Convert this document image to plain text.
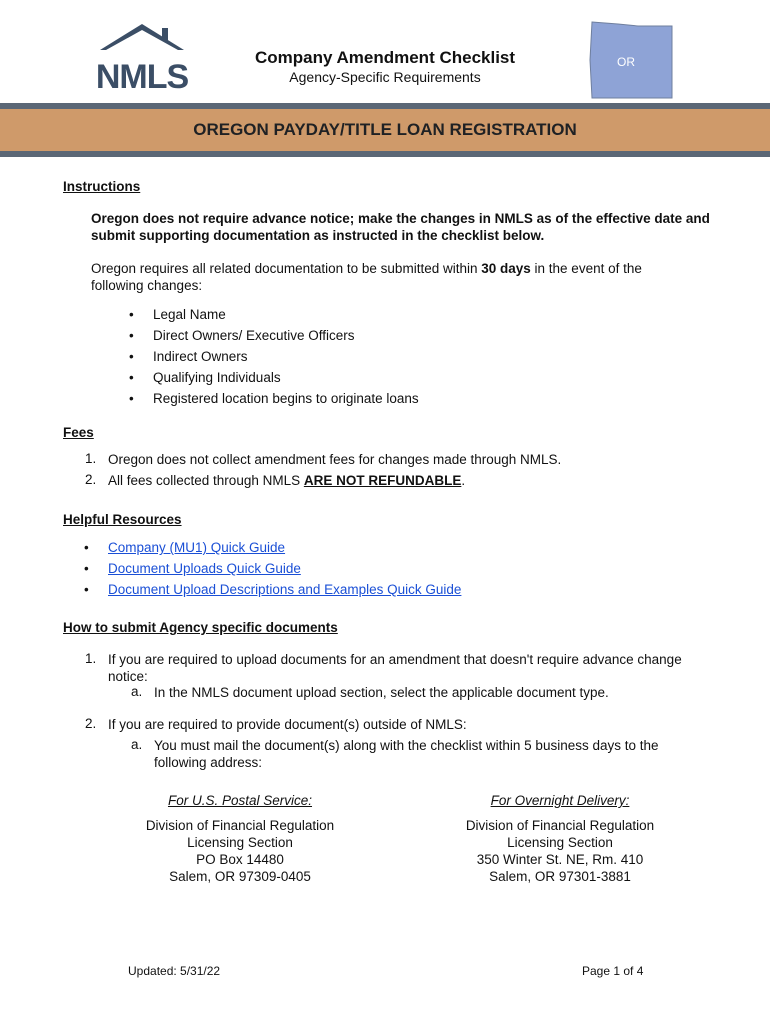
NMLS
Company Amendment Checklist
Agency-Specific Requirements
OR
OREGON PAYDAY/TITLE LOAN REGISTRATION
Instructions
Oregon does not require advance notice; make the changes in NMLS as of the effective date and submit supporting documentation as instructed in the checklist below.
Oregon requires all related documentation to be submitted within 30 days in the event of the following changes:
• Legal Name
• Direct Owners/ Executive Officers
• Indirect Owners
• Qualifying Individuals
• Registered location begins to originate loans
Fees
1. Oregon does not collect amendment fees for changes made through NMLS.
2. All fees collected through NMLS ARE NOT REFUNDABLE.
Helpful Resources
• Company (MU1) Quick Guide
• Document Uploads Quick Guide
• Document Upload Descriptions and Examples Quick Guide
How to submit Agency specific documents
1. If you are required to upload documents for an amendment that doesn't require advance change notice:
a. In the NMLS document upload section, select the applicable document type.
2. If you are required to provide document(s) outside of NMLS:
a. You must mail the document(s) along with the checklist within 5 business days to the following address:
For U.S. Postal Service:
Division of Financial Regulation
Licensing Section
PO Box 14480
Salem, OR 97309-0405
For Overnight Delivery:
Division of Financial Regulation
Licensing Section
350 Winter St. NE, Rm. 410
Salem, OR 97301-3881
Updated: 5/31/22	Page 1 of 4
